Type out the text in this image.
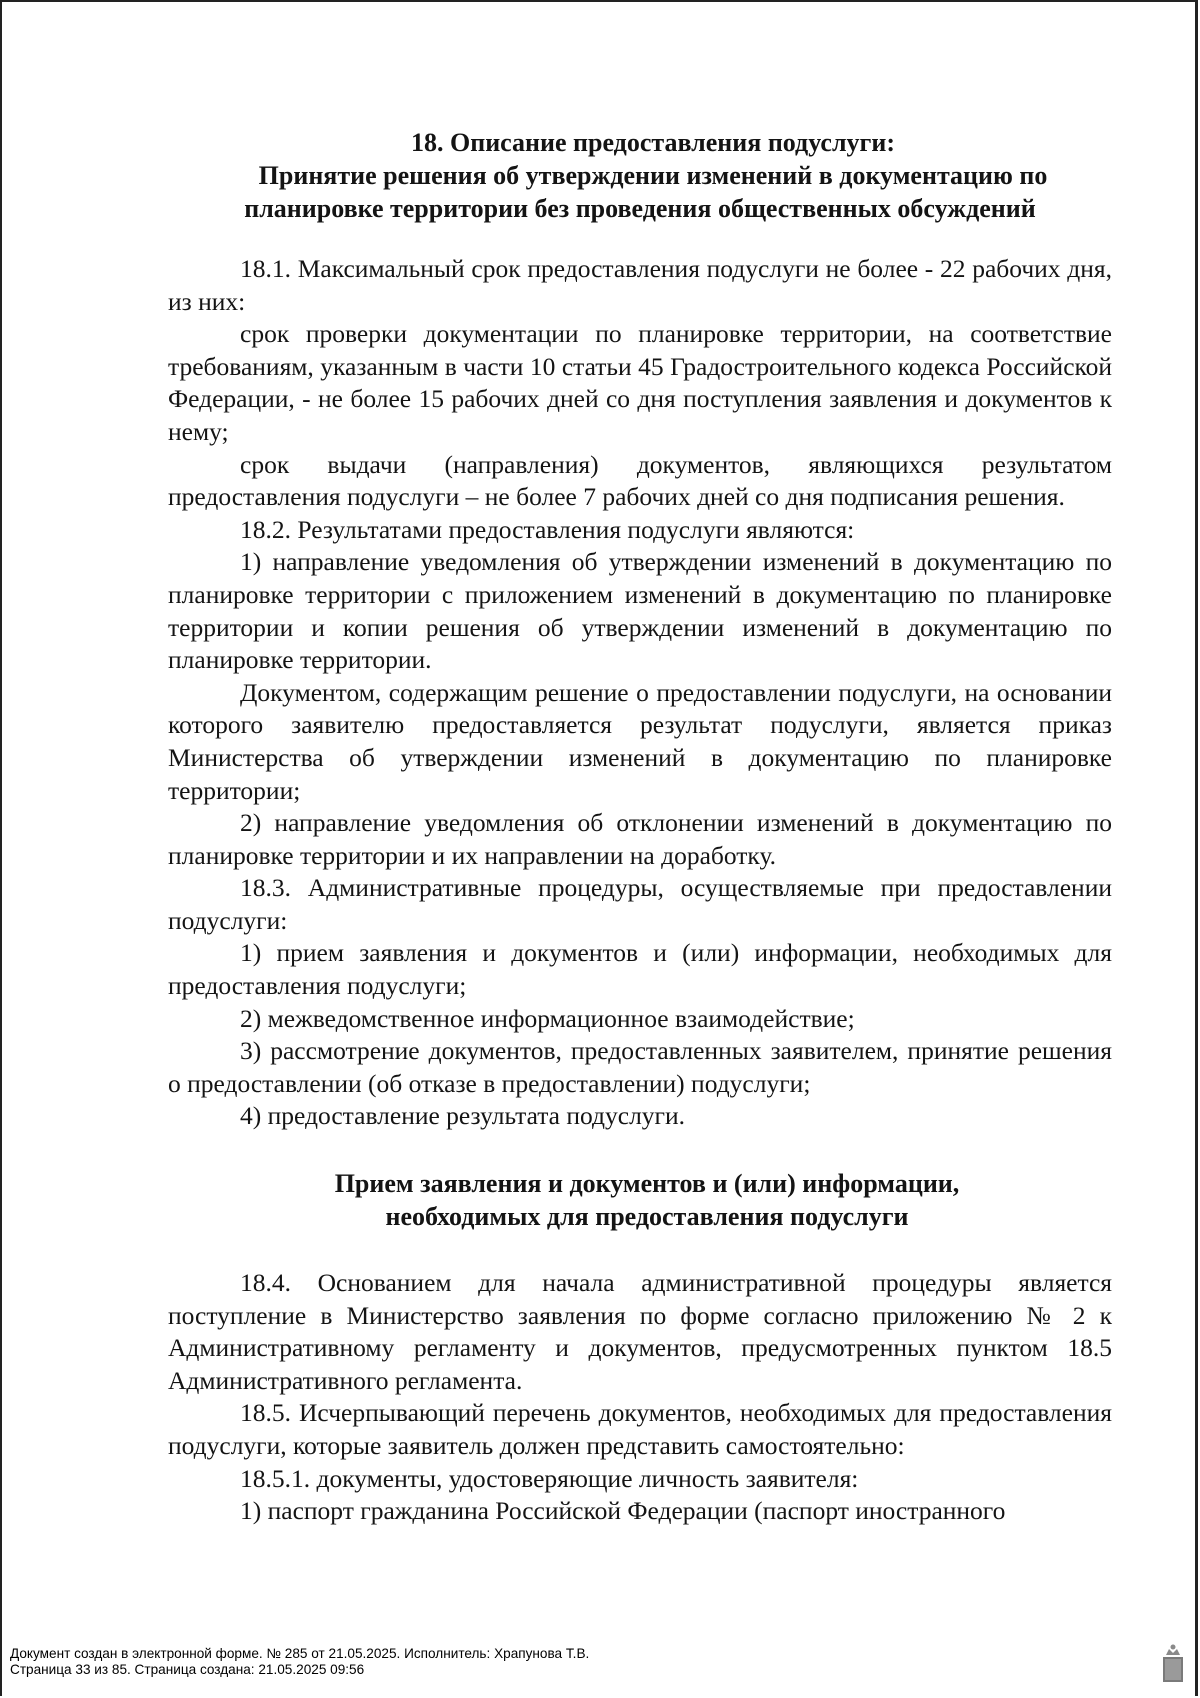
18. Описание предоставления подуслуги:
Принятие решения об утверждении изменений в документацию по
планировке территории без проведения общественных обсуждений

18.1. Максимальный срок предоставления подуслуги не более - 22 рабочих дня, из них:

срок проверки документации по планировке территории, на соответствие требованиям, указанным в части 10 статьи 45 Градостроительного кодекса Российской Федерации, - не более 15 рабочих дней со дня поступления заявления и документов к нему;

срок выдачи (направления) документов, являющихся результатом предоставления подуслуги – не более 7 рабочих дней со дня подписания решения.

18.2. Результатами предоставления подуслуги являются:

1) направление уведомления об утверждении изменений в документацию по планировке территории с приложением изменений в документацию по планировке территории и копии решения об утверждении изменений в документацию по планировке территории.

Документом, содержащим решение о предоставлении подуслуги, на основании которого заявителю предоставляется результат подуслуги, является приказ Министерства об утверждении изменений в документацию по планировке территории;

2) направление уведомления об отклонении изменений в документацию по планировке территории и их направлении на доработку.

18.3. Административные процедуры, осуществляемые при предоставлении подуслуги:

1) прием заявления и документов и (или) информации, необходимых для предоставления подуслуги;

2) межведомственное информационное взаимодействие;

3) рассмотрение документов, предоставленных заявителем, принятие решения о предоставлении (об отказе в предоставлении) подуслуги;

4) предоставление результата подуслуги.

Прием заявления и документов и (или) информации,
необходимых для предоставления подуслуги

18.4. Основанием для начала административной процедуры является поступление в Министерство заявления по форме согласно приложению № 2 к Административному регламенту и документов, предусмотренных пунктом 18.5 Административного регламента.

18.5. Исчерпывающий перечень документов, необходимых для предоставления подуслуги, которые заявитель должен представить самостоятельно:

18.5.1. документы, удостоверяющие личность заявителя:

1) паспорт гражданина Российской Федерации (паспорт иностранного

Документ создан в электронной форме. № 285 от 21.05.2025. Исполнитель: Храпунова Т.В.
Страница 33 из 85. Страница создана: 21.05.2025 09:56
